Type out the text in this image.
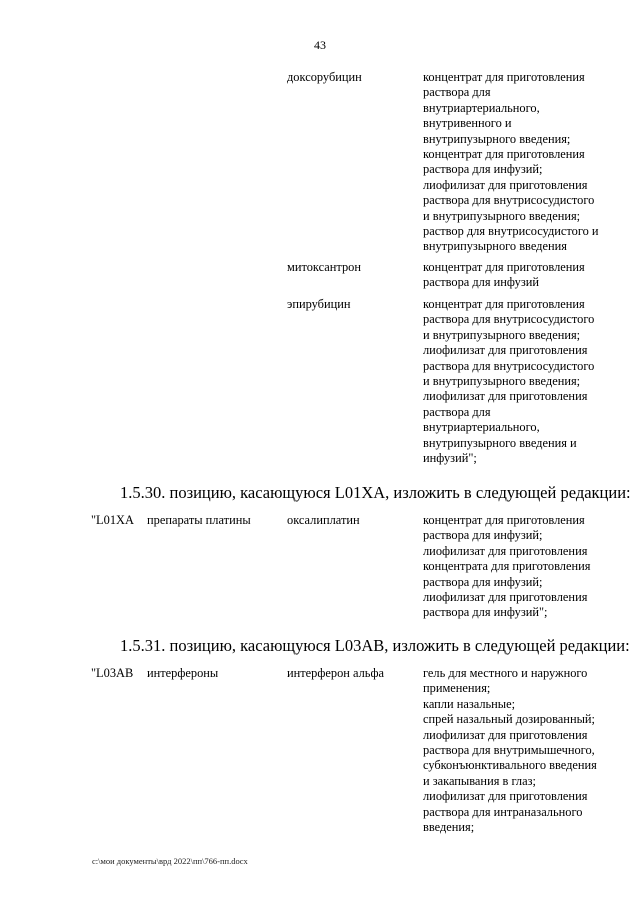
43
доксорубицин	концентрат для приготовления
раствора для
внутриартериального,
внутривенного и
внутрипузырного введения;
концентрат для приготовления
раствора для инфузий;
лиофилизат для приготовления
раствора для внутрисосудистого
и внутрипузырного введения;
раствор для внутрисосудистого и
внутрипузырного введения
митоксантрон	концентрат для приготовления
раствора для инфузий
эпирубицин	концентрат для приготовления
раствора для внутрисосудистого
и внутрипузырного введения;
лиофилизат для приготовления
раствора для внутрисосудистого
и внутрипузырного введения;
лиофилизат для приготовления
раствора для
внутриартериального,
внутрипузырного введения и
инфузий";
1.5.30. позицию, касающуюся L01XA, изложить в следующей редакции:
"L01XA препараты платины	оксалиплатин	концентрат для приготовления
раствора для инфузий;
лиофилизат для приготовления
концентрата для приготовления
раствора для инфузий;
лиофилизат для приготовления
раствора для инфузий";
1.5.31. позицию, касающуюся L03AB, изложить в следующей редакции:
"L03AB интерфероны	интерферон альфа	гель для местного и наружного
применения;
капли назальные;
спрей назальный дозированный;
лиофилизат для приготовления
раствора для внутримышечного,
субконъюнктивального введения
и закапывания в глаз;
лиофилизат для приготовления
раствора для интраназального
введения;
c:\мои документы\врд 2022\пп\766-пп.docx
